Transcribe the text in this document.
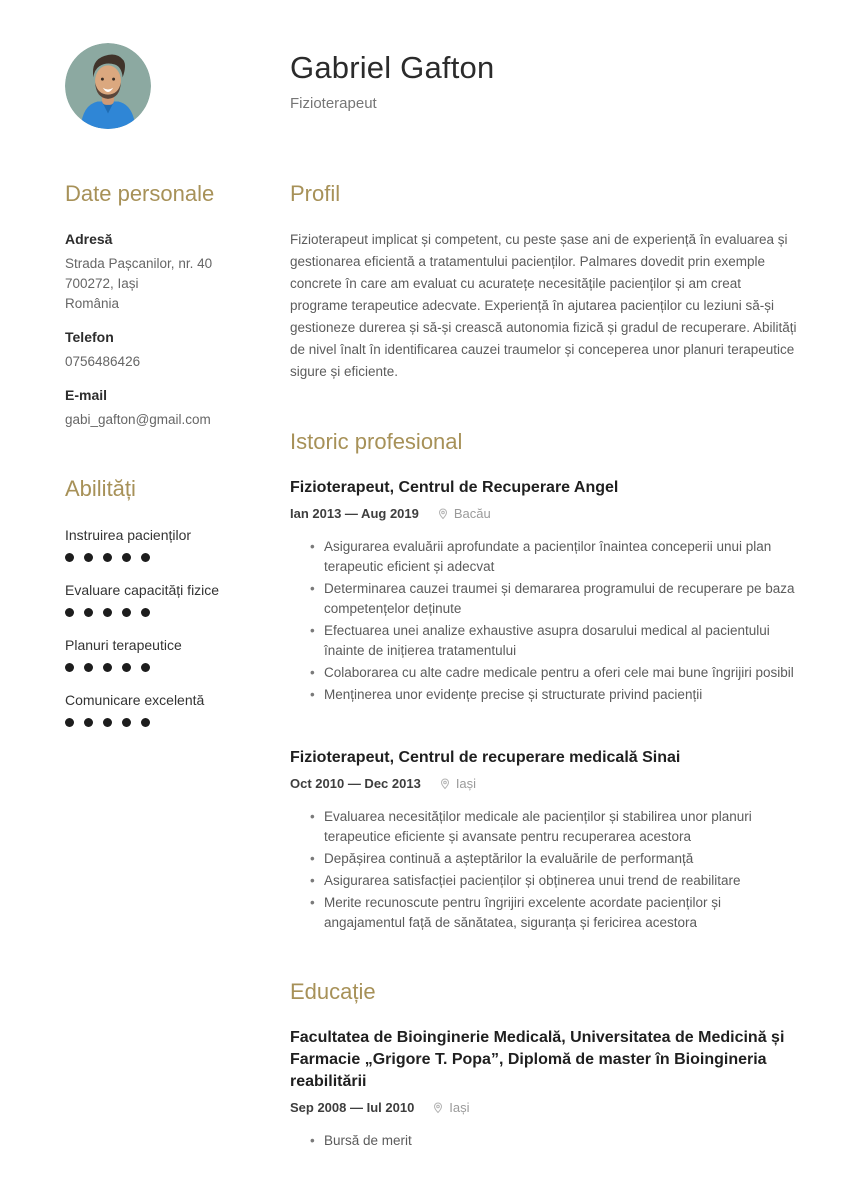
Gabriel Gafton
Fizioterapeut
Date personale
Adresă
Strada Pașcanilor, nr. 40
700272, Iași
România
Telefon
0756486426
E-mail
gabi_gafton@gmail.com
Abilități
Instruirea pacienților
Evaluare capacități fizice
Planuri terapeutice
Comunicare excelentă
Profil

Fizioterapeut implicat și competent, cu peste șase ani de experiență în evaluarea și gestionarea eficientă a tratamentului pacienților. Palmares dovedit prin exemple concrete în care am evaluat cu acuratețe necesitățile pacienților și am creat programe terapeutice adecvate. Experiență în ajutarea pacienților cu leziuni să-și gestioneze durerea și să-și crească autonomia fizică și gradul de recuperare. Abilități de nivel înalt în identificarea cauzei traumelor și conceperea unor planuri terapeutice sigure și eficiente.

Istoric profesional
Fizioterapeut, Centrul de Recuperare Angel
Ian 2013 — Aug 2019	Bacău
• Asigurarea evaluării aprofundate a pacienților înaintea conceperii unui plan terapeutic eficient și adecvat
• Determinarea cauzei traumei și demararea programului de recuperare pe baza competențelor deținute
• Efectuarea unei analize exhaustive asupra dosarului medical al pacientului înainte de inițierea tratamentului
• Colaborarea cu alte cadre medicale pentru a oferi cele mai bune îngrijiri posibil
• Menținerea unor evidențe precise și structurate privind pacienții
Fizioterapeut, Centrul de recuperare medicală Sinai
Oct 2010 — Dec 2013	Iași
• Evaluarea necesităților medicale ale pacienților și stabilirea unor planuri terapeutice eficiente și avansate pentru recuperarea acestora
• Depășirea continuă a așteptărilor la evaluările de performanță
• Asigurarea satisfacției pacienților și obținerea unui trend de reabilitare
• Merite recunoscute pentru îngrijiri excelente acordate pacienților și angajamentul față de sănătatea, siguranța și fericirea acestora
Educație
Facultatea de Bioinginerie Medicală, Universitatea de Medicină și Farmacie „Grigore T. Popa”, Diplomă de master în Bioingineria reabilitării
Sep 2008 — Iul 2010	Iași
• Bursă de merit
